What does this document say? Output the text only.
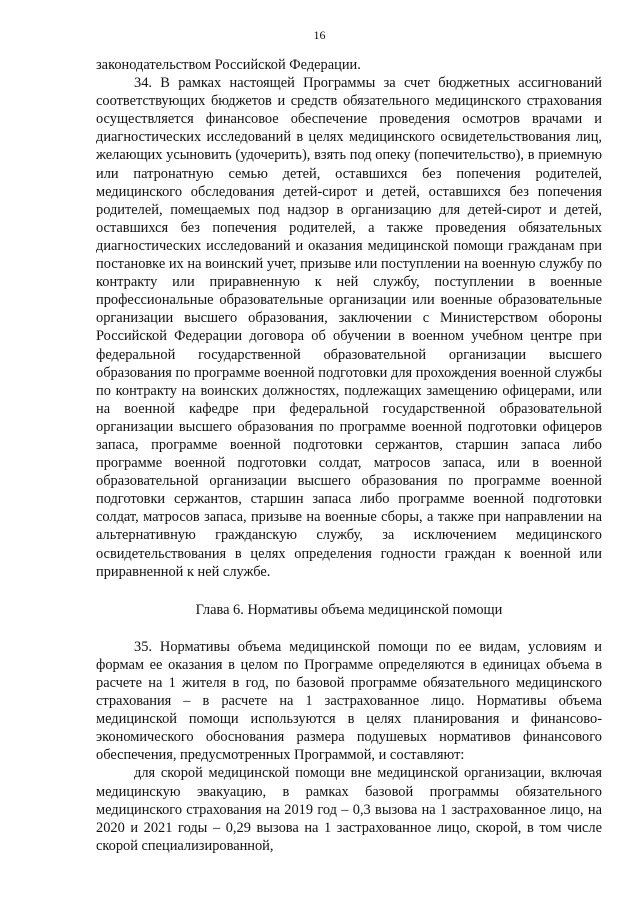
16

законодательством Российской Федерации.

34. В рамках настоящей Программы за счет бюджетных ассигнований соответствующих бюджетов и средств обязательного медицинского страхования осуществляется финансовое обеспечение проведения осмотров врачами и диагностических исследований в целях медицинского освидетельствования лиц, желающих усыновить (удочерить), взять под опеку (попечительство), в приемную или патронатную семью детей, оставшихся без попечения родителей, медицинского обследования детей-сирот и детей, оставшихся без попечения родителей, помещаемых под надзор в организацию для детей-сирот и детей, оставшихся без попечения родителей, а также проведения обязательных диагностических исследований и оказания медицинской помощи гражданам при постановке их на воинский учет, призыве или поступлении на военную службу по контракту или приравненную к ней службу, поступлении в военные профессиональные образовательные организации или военные образовательные организации высшего образования, заключении с Министерством обороны Российской Федерации договора об обучении в военном учебном центре при федеральной государственной образовательной организации высшего образования по программе военной подготовки для прохождения военной службы по контракту на воинских должностях, подлежащих замещению офицерами, или на военной кафедре при федеральной государственной образовательной организации высшего образования по программе военной подготовки офицеров запаса, программе военной подготовки сержантов, старшин запаса либо программе военной подготовки солдат, матросов запаса, или в военной образовательной организации высшего образования по программе военной подготовки сержантов, старшин запаса либо программе военной подготовки солдат, матросов запаса, призыве на военные сборы, а также при направлении на альтернативную гражданскую службу, за исключением медицинского освидетельствования в целях определения годности граждан к военной или приравненной к ней службе.

Глава 6. Нормативы объема медицинской помощи

35. Нормативы объема медицинской помощи по ее видам, условиям и формам ее оказания в целом по Программе определяются в единицах объема в расчете на 1 жителя в год, по базовой программе обязательного медицинского страхования – в расчете на 1 застрахованное лицо. Нормативы объема медицинской помощи используются в целях планирования и финансово-экономического обоснования размера подушевых нормативов финансового обеспечения, предусмотренных Программой, и составляют:

для скорой медицинской помощи вне медицинской организации, включая медицинскую эвакуацию, в рамках базовой программы обязательного медицинского страхования на 2019 год – 0,3 вызова на 1 застрахованное лицо, на 2020 и 2021 годы – 0,29 вызова на 1 застрахованное лицо, скорой, в том числе скорой специализированной,
